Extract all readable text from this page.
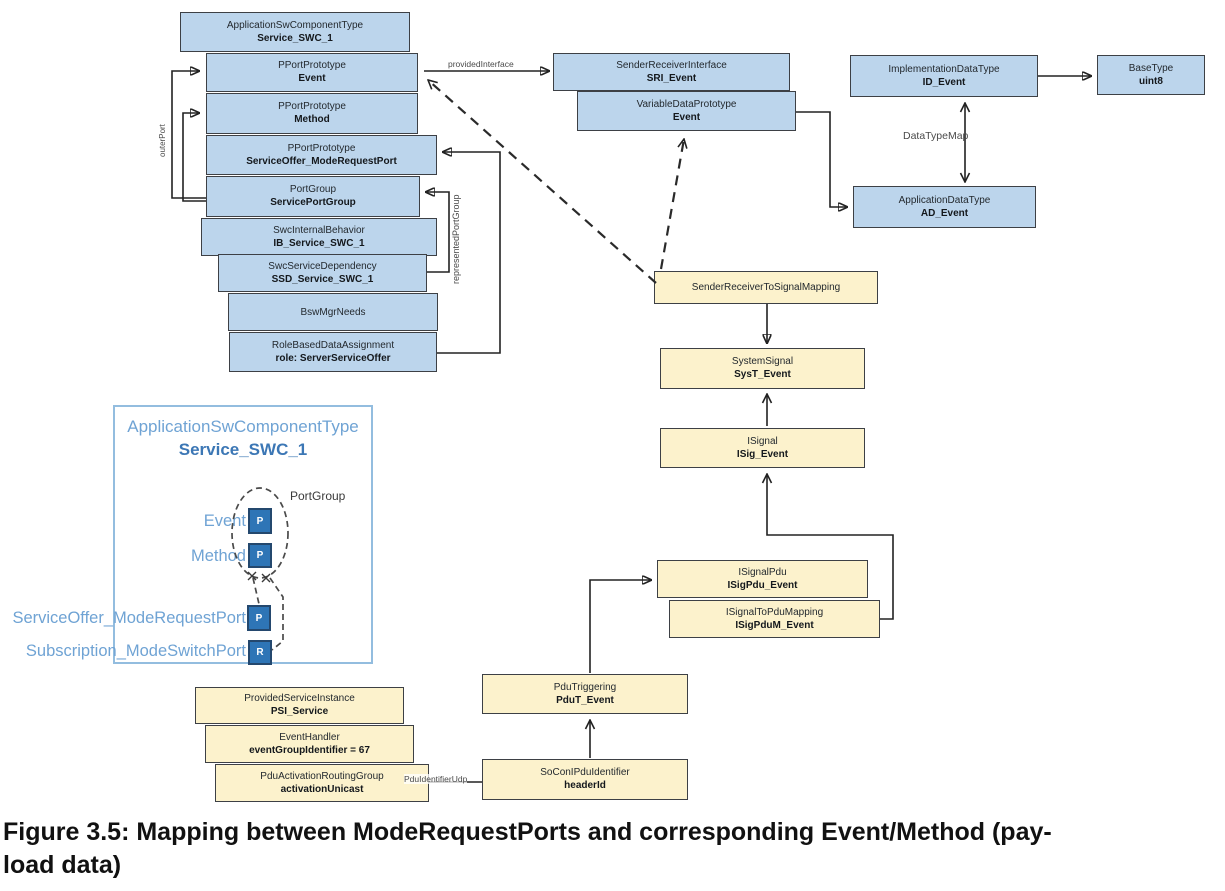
ApplicationSwComponentType
Service_SWC_1
PortGroup
Event	P
Method	P
ServiceOffer_ModeRequestPort P
Subscription_ModeSwitchPort	R
ApplicationSwComponentType
Service_SWC_1
PPortPrototype
Event
PPortPrototype
Method
PPortPrototype
ServiceOffer_ModeRequestPort
PortGroup
ServicePortGroup
SwcInternalBehavior
IB_Service_SWC_1
SwcServiceDependency
SSD_Service_SWC_1
BswMgrNeeds
RoleBasedDataAssignment
role: ServerServiceOffer
SenderReceiverInterface
SRI_Event
VariableDataPrototype
Event
ImplementationDataType
ID_Event
BaseType
uint8
ApplicationDataType
AD_Event
SenderReceiverToSignalMapping
SystemSignal
SysT_Event
ISignal
ISig_Event
ISignalPdu
ISigPdu_Event
ISignalToPduMapping
ISigPduM_Event
PduTriggering
PduT_Event
SoConIPduIdentifier
headerId
ProvidedServiceInstance
PSI_Service
EventHandler
eventGroupIdentifier = 67
PduActivationRoutingGroup
activationUnicast
providedInterface
outerPort
representedPortGroup
DataTypeMap
PduIdentifierUdp
Figure 3.5: Mapping between ModeRequestPorts and corresponding Event/Method (pay-
load data)
